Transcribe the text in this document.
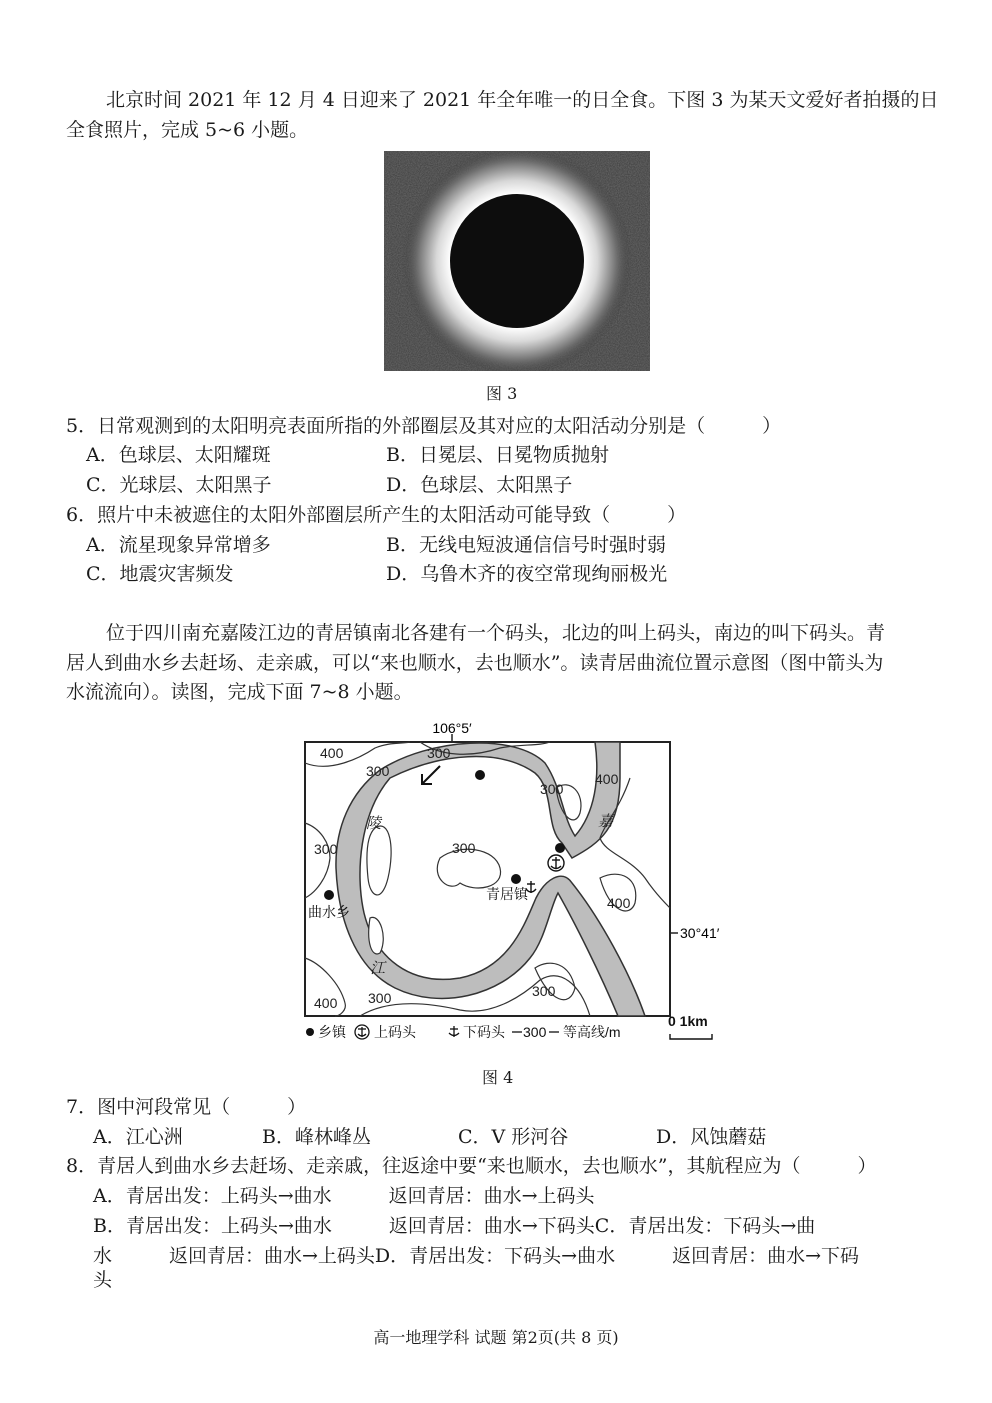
北京时间 2021 年 12 月 4 日迎来了 2021 年全年唯一的日全食。下图 3 为某天文爱好者拍摄的日
全食照片，完成 5~6 小题。
图 3
5．日常观测到的太阳明亮表面所指的外部圈层及其对应的太阳活动分别是（　　　）
A．色球层、太阳耀斑	B．日冕层、日冕物质抛射
C．光球层、太阳黑子	D．色球层、太阳黑子
6．照片中未被遮住的太阳外部圈层所产生的太阳活动可能导致（　　　）
A．流星现象异常增多	B．无线电短波通信信号时强时弱
C．地震灾害频发	D．乌鲁木齐的夜空常现绚丽极光
位于四川南充嘉陵江边的青居镇南北各建有一个码头，北边的叫上码头，南边的叫下码头。青
居人到曲水乡去赶场、走亲戚，可以“来也顺水，去也顺水”。读青居曲流位置示意图（图中箭头为
水流流向）。读图，完成下面 7~8 小题。
106°5′
30°41′
400	300
300	400
300
300	300
400
400 300	300
陵	嘉
江
青居镇
曲水乡
乡镇 上码头	下码头 300 等高线/m
0 1km
图 4
7．图中河段常见（　　　）
A．江心洲	B．峰林峰丛	C．V 形河谷	D．风蚀蘑菇
8．青居人到曲水乡去赶场、走亲戚，往返途中要“来也顺水，去也顺水”，其航程应为（　　　）
A．青居出发：上码头→曲水　　　返回青居：曲水→上码头
B．青居出发：上码头→曲水　　　返回青居：曲水→下码头C．青居出发：下码头→曲
水　　　返回青居：曲水→上码头D．青居出发：下码头→曲水　　　返回青居：曲水→下码
头
高一地理学科 试题 第2页(共 8 页)
